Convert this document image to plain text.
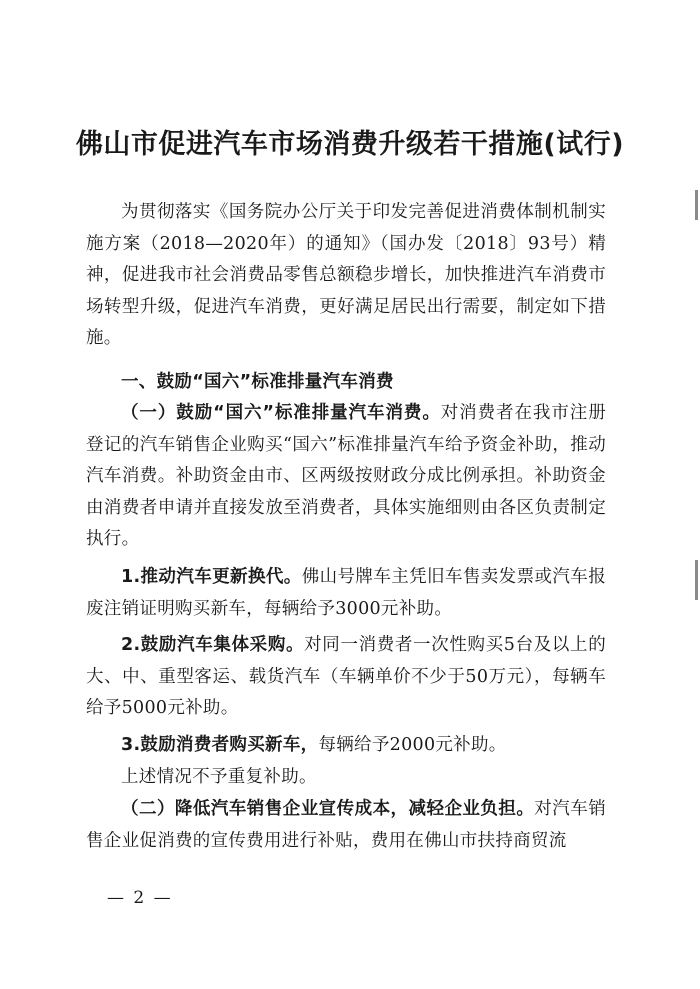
佛山市促进汽车市场消费升级若干措施(试行)
为贯彻落实《国务院办公厅关于印发完善促进消费体制机制实施方案（2018—2020年）的通知》（国办发〔2018〕93号）精神，促进我市社会消费品零售总额稳步增长，加快推进汽车消费市场转型升级，促进汽车消费，更好满足居民出行需要，制定如下措施。
一、鼓励“国六”标准排量汽车消费
（一）鼓励“国六”标准排量汽车消费。对消费者在我市注册登记的汽车销售企业购买“国六”标准排量汽车给予资金补助，推动汽车消费。补助资金由市、区两级按财政分成比例承担。补助资金由消费者申请并直接发放至消费者，具体实施细则由各区负责制定执行。
1.推动汽车更新换代。佛山号牌车主凭旧车售卖发票或汽车报废注销证明购买新车，每辆给予3000元补助。
2.鼓励汽车集体采购。对同一消费者一次性购买5台及以上的大、中、重型客运、载货汽车（车辆单价不少于50万元），每辆车给予5000元补助。
3.鼓励消费者购买新车，每辆给予2000元补助。
上述情况不予重复补助。
（二）降低汽车销售企业宣传成本，减轻企业负担。对汽车销售企业促消费的宣传费用进行补贴，费用在佛山市扶持商贸流
— 2 —
